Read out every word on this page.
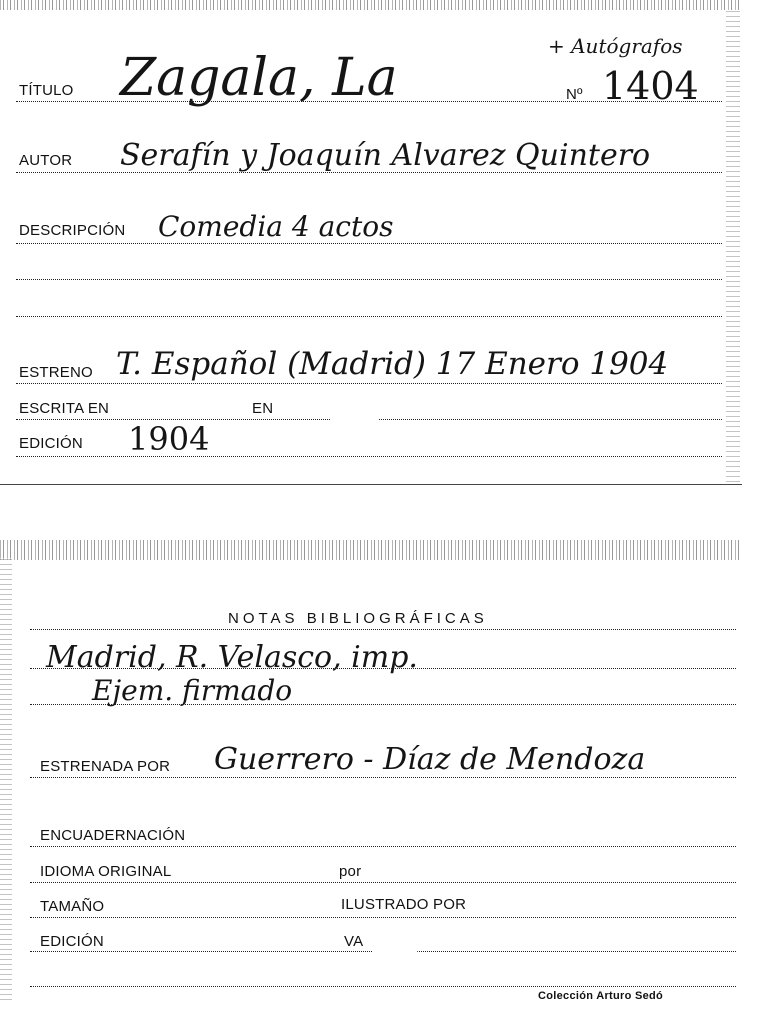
TÍTULO Zagala, La
+ Autógrafos
Nº 1404
AUTOR Serafín y Joaquín Alvarez Quintero
DESCRIPCIÓN Comedia 4 actos
ESTRENO T. Español (Madrid) 17 Enero 1904
ESCRITA EN	EN
EDICIÓN 1904
NOTAS BIBLIOGRÁFICAS
Madrid, R. Velasco, imp.
Ejem. firmado
ESTRENADA POR Guerrero - Díaz de Mendoza
ENCUADERNACIÓN
IDIOMA ORIGINAL	por
TAMAÑO	ILUSTRADO POR
EDICIÓN	VA
Colección Arturo Sedó
